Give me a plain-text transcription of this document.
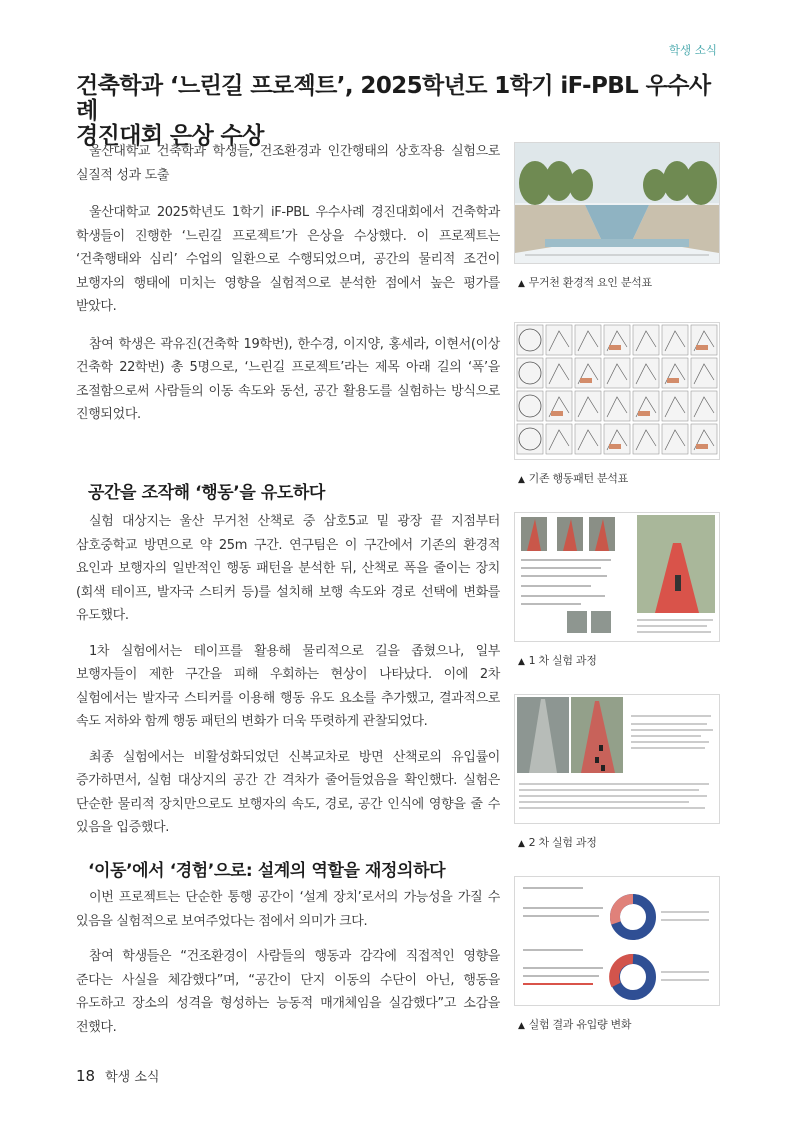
학생 소식
건축학과 ‘느린길 프로젝트’, 2025학년도 1학기 iF-PBL 우수사례
경진대회 은상 수상

울산대학교 건축학과 학생들, 건조환경과 인간행태의 상호작용 실험으로 실질적 성과 도출

울산대학교 2025학년도 1학기 iF-PBL 우수사례 경진대회에서 건축학과 학생들이 진행한 ‘느린길 프로젝트’가 은상을 수상했다. 이 프로젝트는 ‘건축행태와 심리’ 수업의 일환으로 수행되었으며, 공간의 물리적 조건이 보행자의 행태에 미치는 영향을 실험적으로 분석한 점에서 높은 평가를 받았다.

참여 학생은 곽유진(건축학 19학번), 한수경, 이지양, 홍세라, 이현서(이상 건축학 22학번) 총 5명으로, ‘느린길 프로젝트’라는 제목 아래 길의 ‘폭’을 조절함으로써 사람들의 이동 속도와 동선, 공간 활용도를 실험하는 방식으로 진행되었다.

공간을 조작해 ‘행동’을 유도하다

실험 대상지는 울산 무거천 산책로 중 삼호5교 밑 광장 끝 지점부터 삼호중학교 방면으로 약 25m 구간. 연구팀은 이 구간에서 기존의 환경적 요인과 보행자의 일반적인 행동 패턴을 분석한 뒤, 산책로 폭을 줄이는 장치(회색 테이프, 발자국 스티커 등)를 설치해 보행 속도와 경로 선택에 변화를 유도했다.

1차 실험에서는 테이프를 활용해 물리적으로 길을 좁혔으나, 일부 보행자들이 제한 구간을 피해 우회하는 현상이 나타났다. 이에 2차 실험에서는 발자국 스티커를 이용해 행동 유도 요소를 추가했고, 결과적으로 속도 저하와 함께 행동 패턴의 변화가 더욱 뚜렷하게 관찰되었다.

최종 실험에서는 비활성화되었던 신복교차로 방면 산책로의 유입률이 증가하면서, 실험 대상지의 공간 간 격차가 줄어들었음을 확인했다. 실험은 단순한 물리적 장치만으로도 보행자의 속도, 경로, 공간 인식에 영향을 줄 수 있음을 입증했다.

‘이동’에서 ‘경험’으로: 설계의 역할을 재정의하다

이번 프로젝트는 단순한 통행 공간이 ‘설계 장치’로서의 가능성을 가질 수 있음을 실험적으로 보여주었다는 점에서 의미가 크다.

참여 학생들은 “건조환경이 사람들의 행동과 감각에 직접적인 영향을 준다는 사실을 체감했다”며, “공간이 단지 이동의 수단이 아닌, 행동을 유도하고 장소의 성격을 형성하는 능동적 매개체임을 실감했다”고 소감을 전했다.

▲ 무거천 환경적 요인 분석표
▲ 기존 행동패턴 분석표
▲ 1 차 실험 과정
▲ 2 차 실험 과정
▲ 실험 결과 유입량 변화
18 학생 소식
